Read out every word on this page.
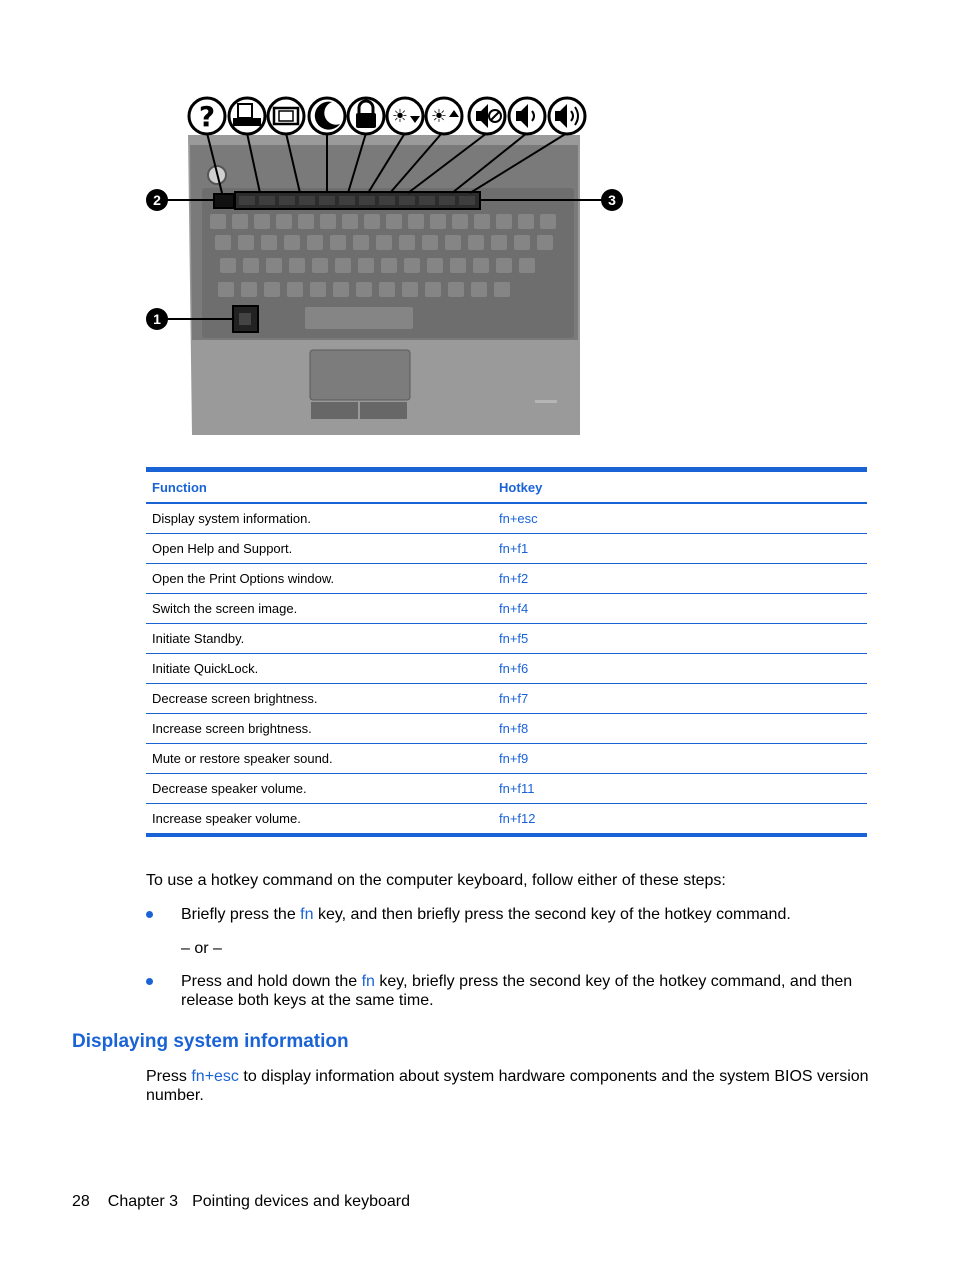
?	☀ ☀
2	3
1
Function	Hotkey
Display system information.	fn+esc
Open Help and Support.	fn+f1
Open the Print Options window.	fn+f2
Switch the screen image.	fn+f4
Initiate Standby.	fn+f5
Initiate QuickLock.	fn+f6
Decrease screen brightness.	fn+f7
Increase screen brightness.	fn+f8
Mute or restore speaker sound.	fn+f9
Decrease speaker volume.	fn+f11
Increase speaker volume.	fn+f12

To use a hotkey command on the computer keyboard, follow either of these steps:

Briefly press the fn key, and then briefly press the second key of the hotkey command.

– or –

Press and hold down the fn key, briefly press the second key of the hotkey command, and then
release both keys at the same time.

Displaying system information

Press fn+esc to display information about system hardware components and the system BIOS version
number.

28 Chapter 3 Pointing devices and keyboard
